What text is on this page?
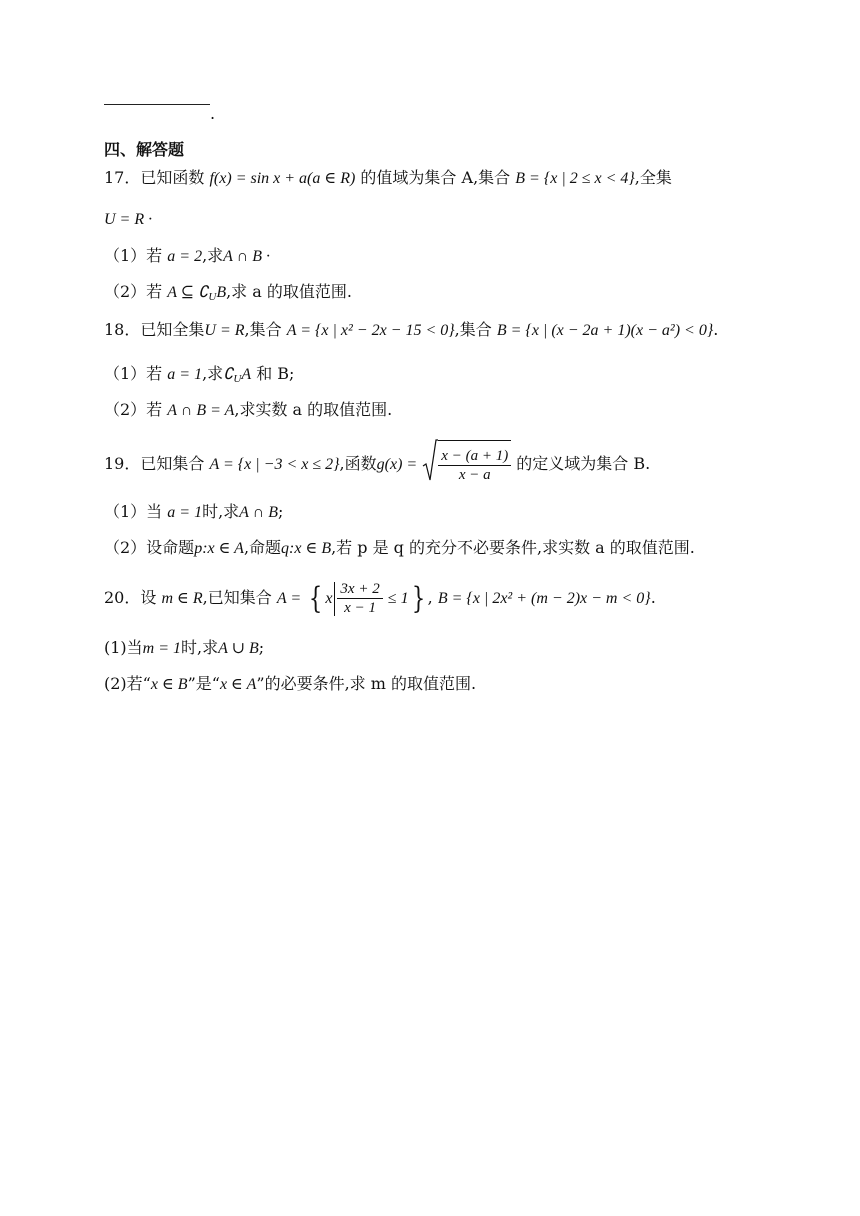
.
四、解答题
17．已知函数 f(x) = sin x + a(a ∈ R) 的值域为集合 A,集合 B = {x | 2 ≤ x < 4},全集
U = R ·
（1）若 a = 2,求A ∩ B ·
（2）若 A ⊆ $∁_UB$,求 a 的取值范围.
18．已知全集U = R,集合 A = {x | x² − 2x − 15 < 0},集合 B = {x | (x − 2a + 1)(x − a²) < 0}.
（1）若 a = 1,求$∁_UA$ 和 B;
（2）若 A ∩ B = A,求实数 a 的取值范围.
19．已知集合 A = {x | −3 < x ≤ 2},函数$g(x) = \frac{x - (a + 1)}{x - a}$ 的定义域为集合 B.
（1）当 a = 1时,求A ∩ B;
（2）设命题p:x ∈ A,命题q:x ∈ B,若 p 是 q 的充分不必要条件,求实数 a 的取值范围.
20．设 m ∈ R,已知集合 A = { x $\frac{3x + 2}{x - 1} \le 1$} , B = {x | 2x² + (m − 2)x − m < 0}.
(1)当m = 1时,求A ∪ B;
(2)若“x ∈ B”是“x ∈ A”的必要条件,求 m 的取值范围.
